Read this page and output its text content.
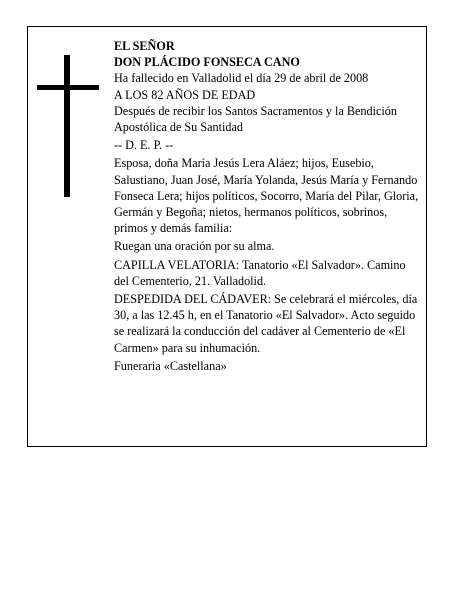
EL SEÑOR

DON PLÁCIDO FONSECA CANO

Ha fallecido en Valladolid el día 29 de abril de 2008

A LOS 82 AÑOS DE EDAD

Después de recibir los Santos Sacramentos y la Bendición Apostólica de Su Santidad

-- D. E. P. --

Esposa, doña María Jesús Lera Aláez; hijos, Eusebio, Salustiano, Juan José, María Yolanda, Jesús María y Fernando Fonseca Lera; hijos políticos, Socorro, María del Pilar, Gloria, Germán y Begoña; nietos, hermanos políticos, sobrinos, primos y demás familia:

Ruegan una oración por su alma.

CAPILLA VELATORIA: Tanatorio «El Salvador». Camino del Cementerio, 21. Valladolid.

DESPEDIDA DEL CÁDAVER: Se celebrará el miércoles, día 30, a las 12.45 h, en el Tanatorio «El Salvador». Acto seguido se realizará la conducción del cadáver al Cementerio de «El Carmen» para su inhumación.

Funeraria «Castellana»
